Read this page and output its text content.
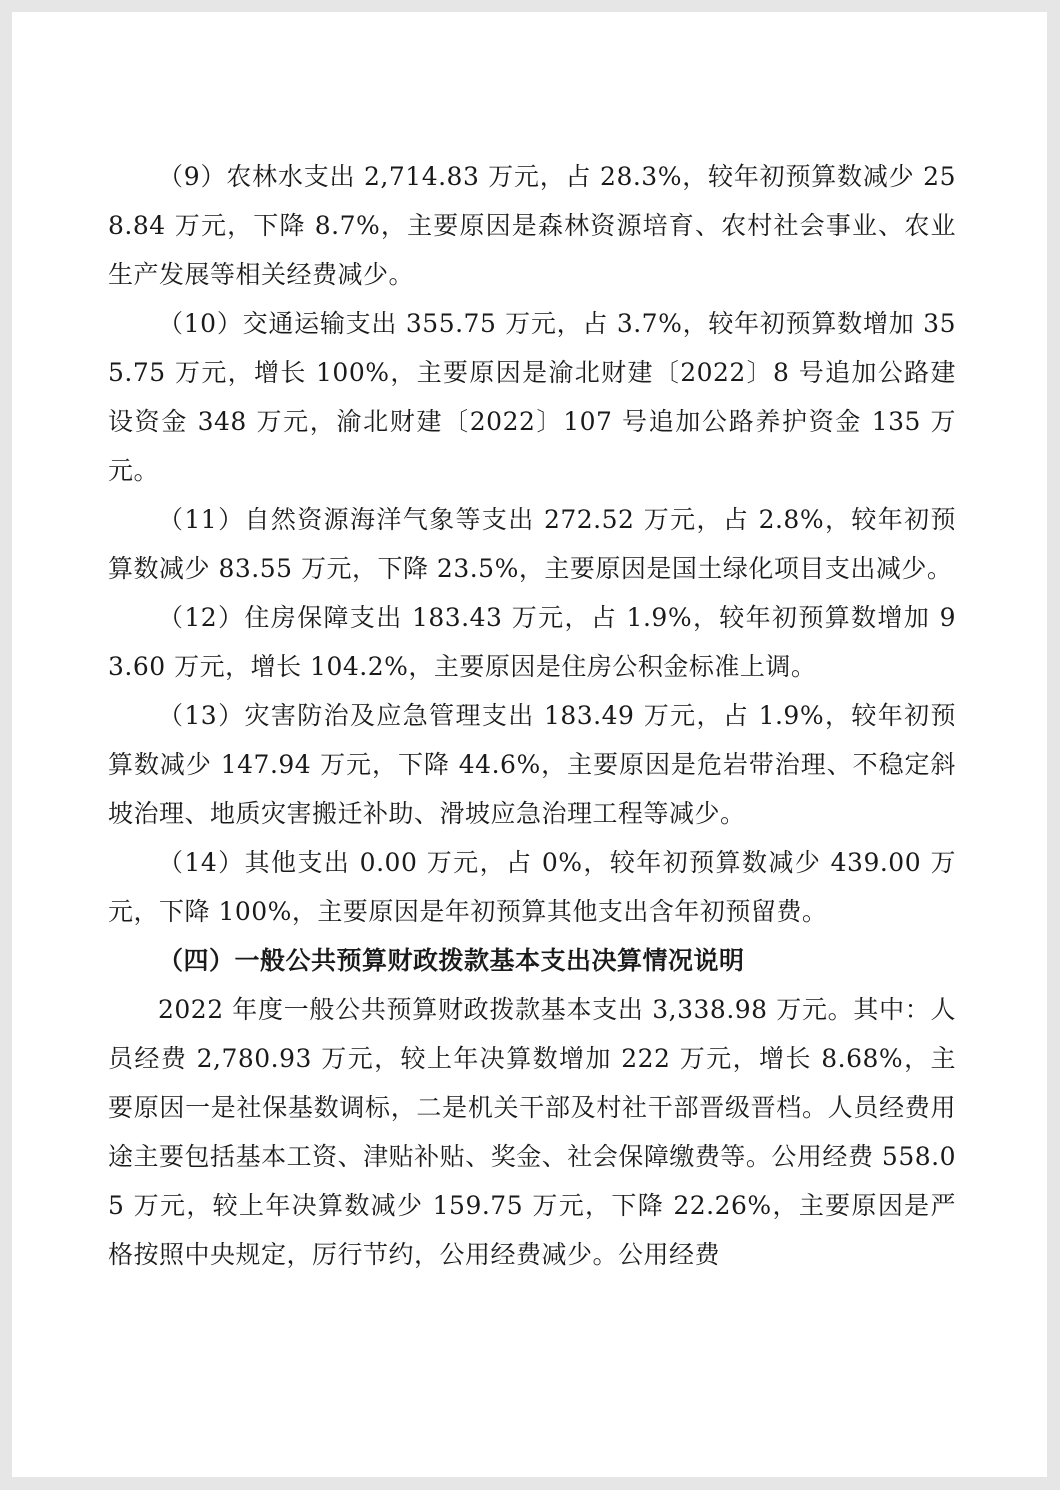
（9）农林水支出 2,714.83 万元，占 28.3%，较年初预算数减少 258.84 万元，下降 8.7%，主要原因是森林资源培育、农村社会事业、农业生产发展等相关经费减少。

（10）交通运输支出 355.75 万元，占 3.7%，较年初预算数增加 355.75 万元，增长 100%，主要原因是渝北财建〔2022〕8 号追加公路建设资金 348 万元，渝北财建〔2022〕107 号追加公路养护资金 135 万元。

（11）自然资源海洋气象等支出 272.52 万元，占 2.8%，较年初预算数减少 83.55 万元，下降 23.5%，主要原因是国土绿化项目支出减少。

（12）住房保障支出 183.43 万元，占 1.9%，较年初预算数增加 93.60 万元，增长 104.2%，主要原因是住房公积金标准上调。

（13）灾害防治及应急管理支出 183.49 万元，占 1.9%，较年初预算数减少 147.94 万元，下降 44.6%，主要原因是危岩带治理、不稳定斜坡治理、地质灾害搬迁补助、滑坡应急治理工程等减少。

（14）其他支出 0.00 万元，占 0%，较年初预算数减少 439.00 万元，下降 100%，主要原因是年初预算其他支出含年初预留费。

（四）一般公共预算财政拨款基本支出决算情况说明

2022 年度一般公共预算财政拨款基本支出 3,338.98 万元。其中：人员经费 2,780.93 万元，较上年决算数增加 222 万元，增长 8.68%，主要原因一是社保基数调标，二是机关干部及村社干部晋级晋档。人员经费用途主要包括基本工资、津贴补贴、奖金、社会保障缴费等。公用经费 558.05 万元，较上年决算数减少 159.75 万元，下降 22.26%，主要原因是严格按照中央规定，厉行节约，公用经费减少。公用经费
